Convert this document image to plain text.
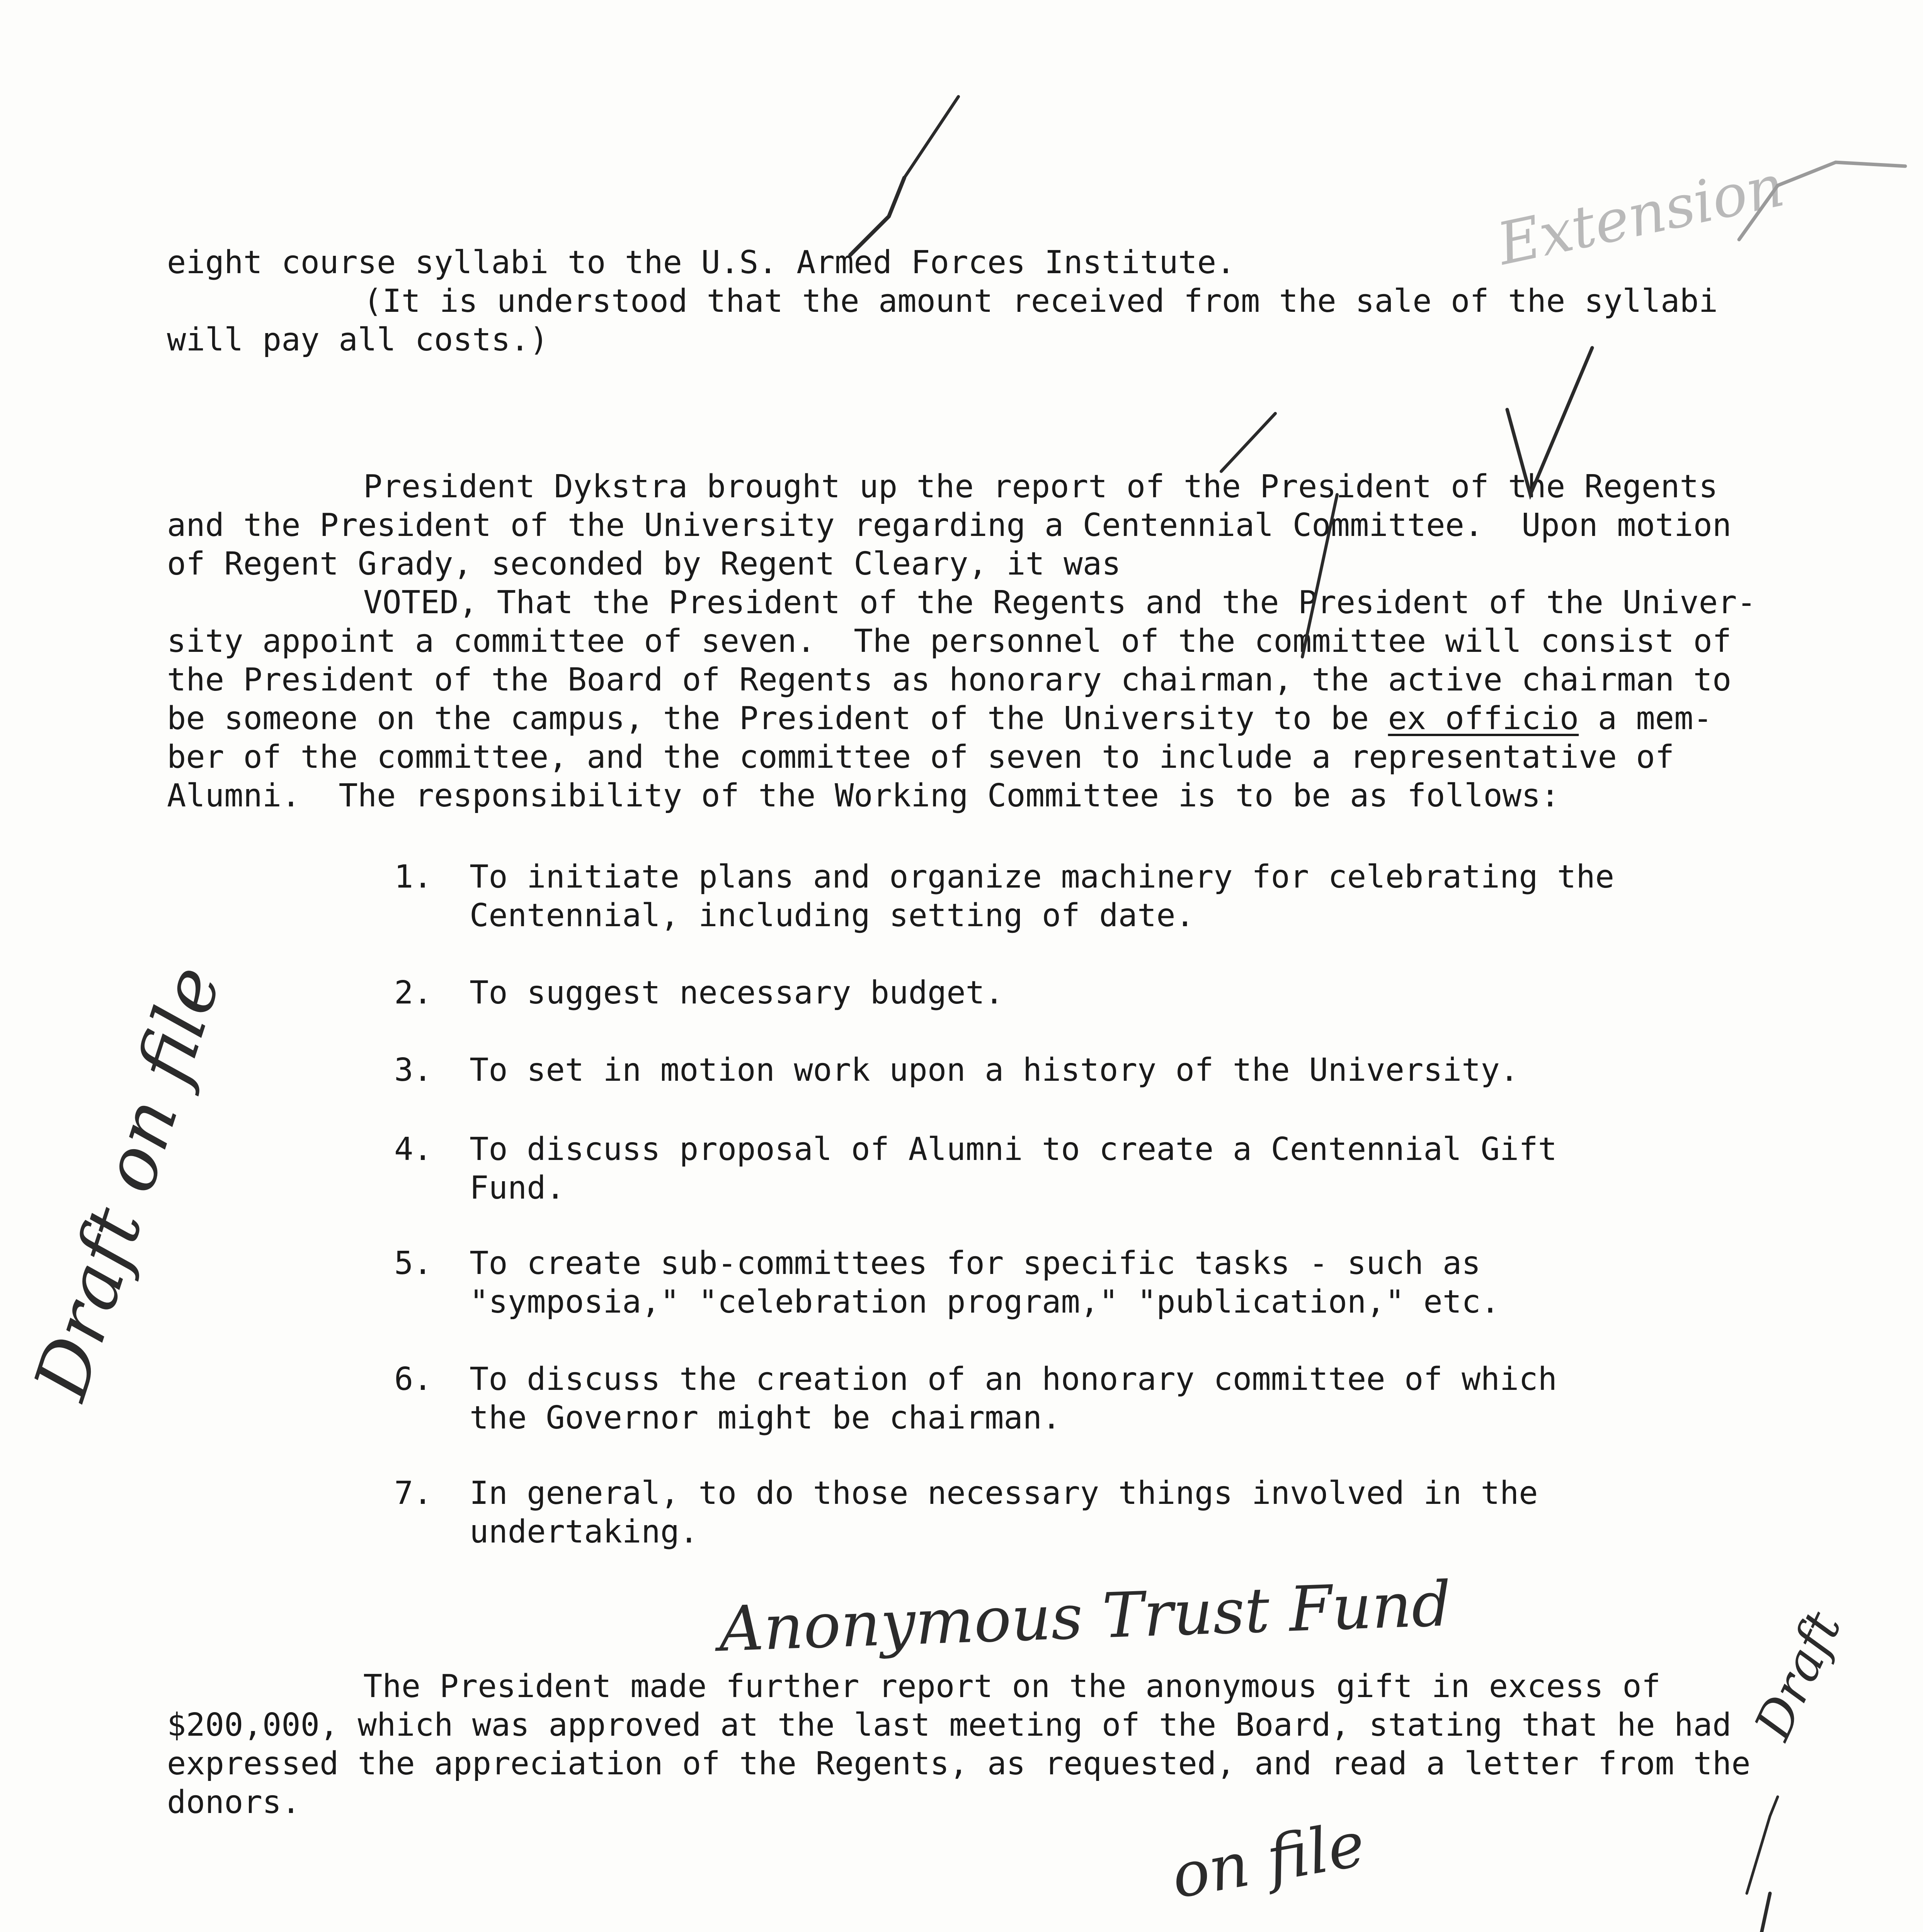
eight course syllabi to the U.S. Armed Forces Institute.
(It is understood that the amount received from the sale of the syllabi
will pay all costs.)
President Dykstra brought up the report of the President of the Regents
and the President of the University regarding a Centennial Committee.  Upon motion
of Regent Grady, seconded by Regent Cleary, it was
VOTED, That the President of the Regents and the President of the Univer-
sity appoint a committee of seven.  The personnel of the committee will consist of
the President of the Board of Regents as honorary chairman, the active chairman to
be someone on the campus, the President of the University to be ex officio a mem-
ber of the committee, and the committee of seven to include a representative of
Alumni.  The responsibility of the Working Committee is to be as follows:
1. To initiate plans and organize machinery for celebrating the
Centennial, including setting of date.
2. To suggest necessary budget.
3. To set in motion work upon a history of the University.
4. To discuss proposal of Alumni to create a Centennial Gift
Fund.
5. To create sub-committees for specific tasks - such as
"symposia," "celebration program," "publication," etc.
6. To discuss the creation of an honorary committee of which
the Governor might be chairman.
7. In general, to do those necessary things involved in the
undertaking.
The President made further report on the anonymous gift in excess of
$200,000, which was approved at the last meeting of the Board, stating that he had
expressed the appreciation of the Regents, as requested, and read a letter from the
donors.
Extension
Draft on file
Anonymous Trust Fund	Draft
on file
